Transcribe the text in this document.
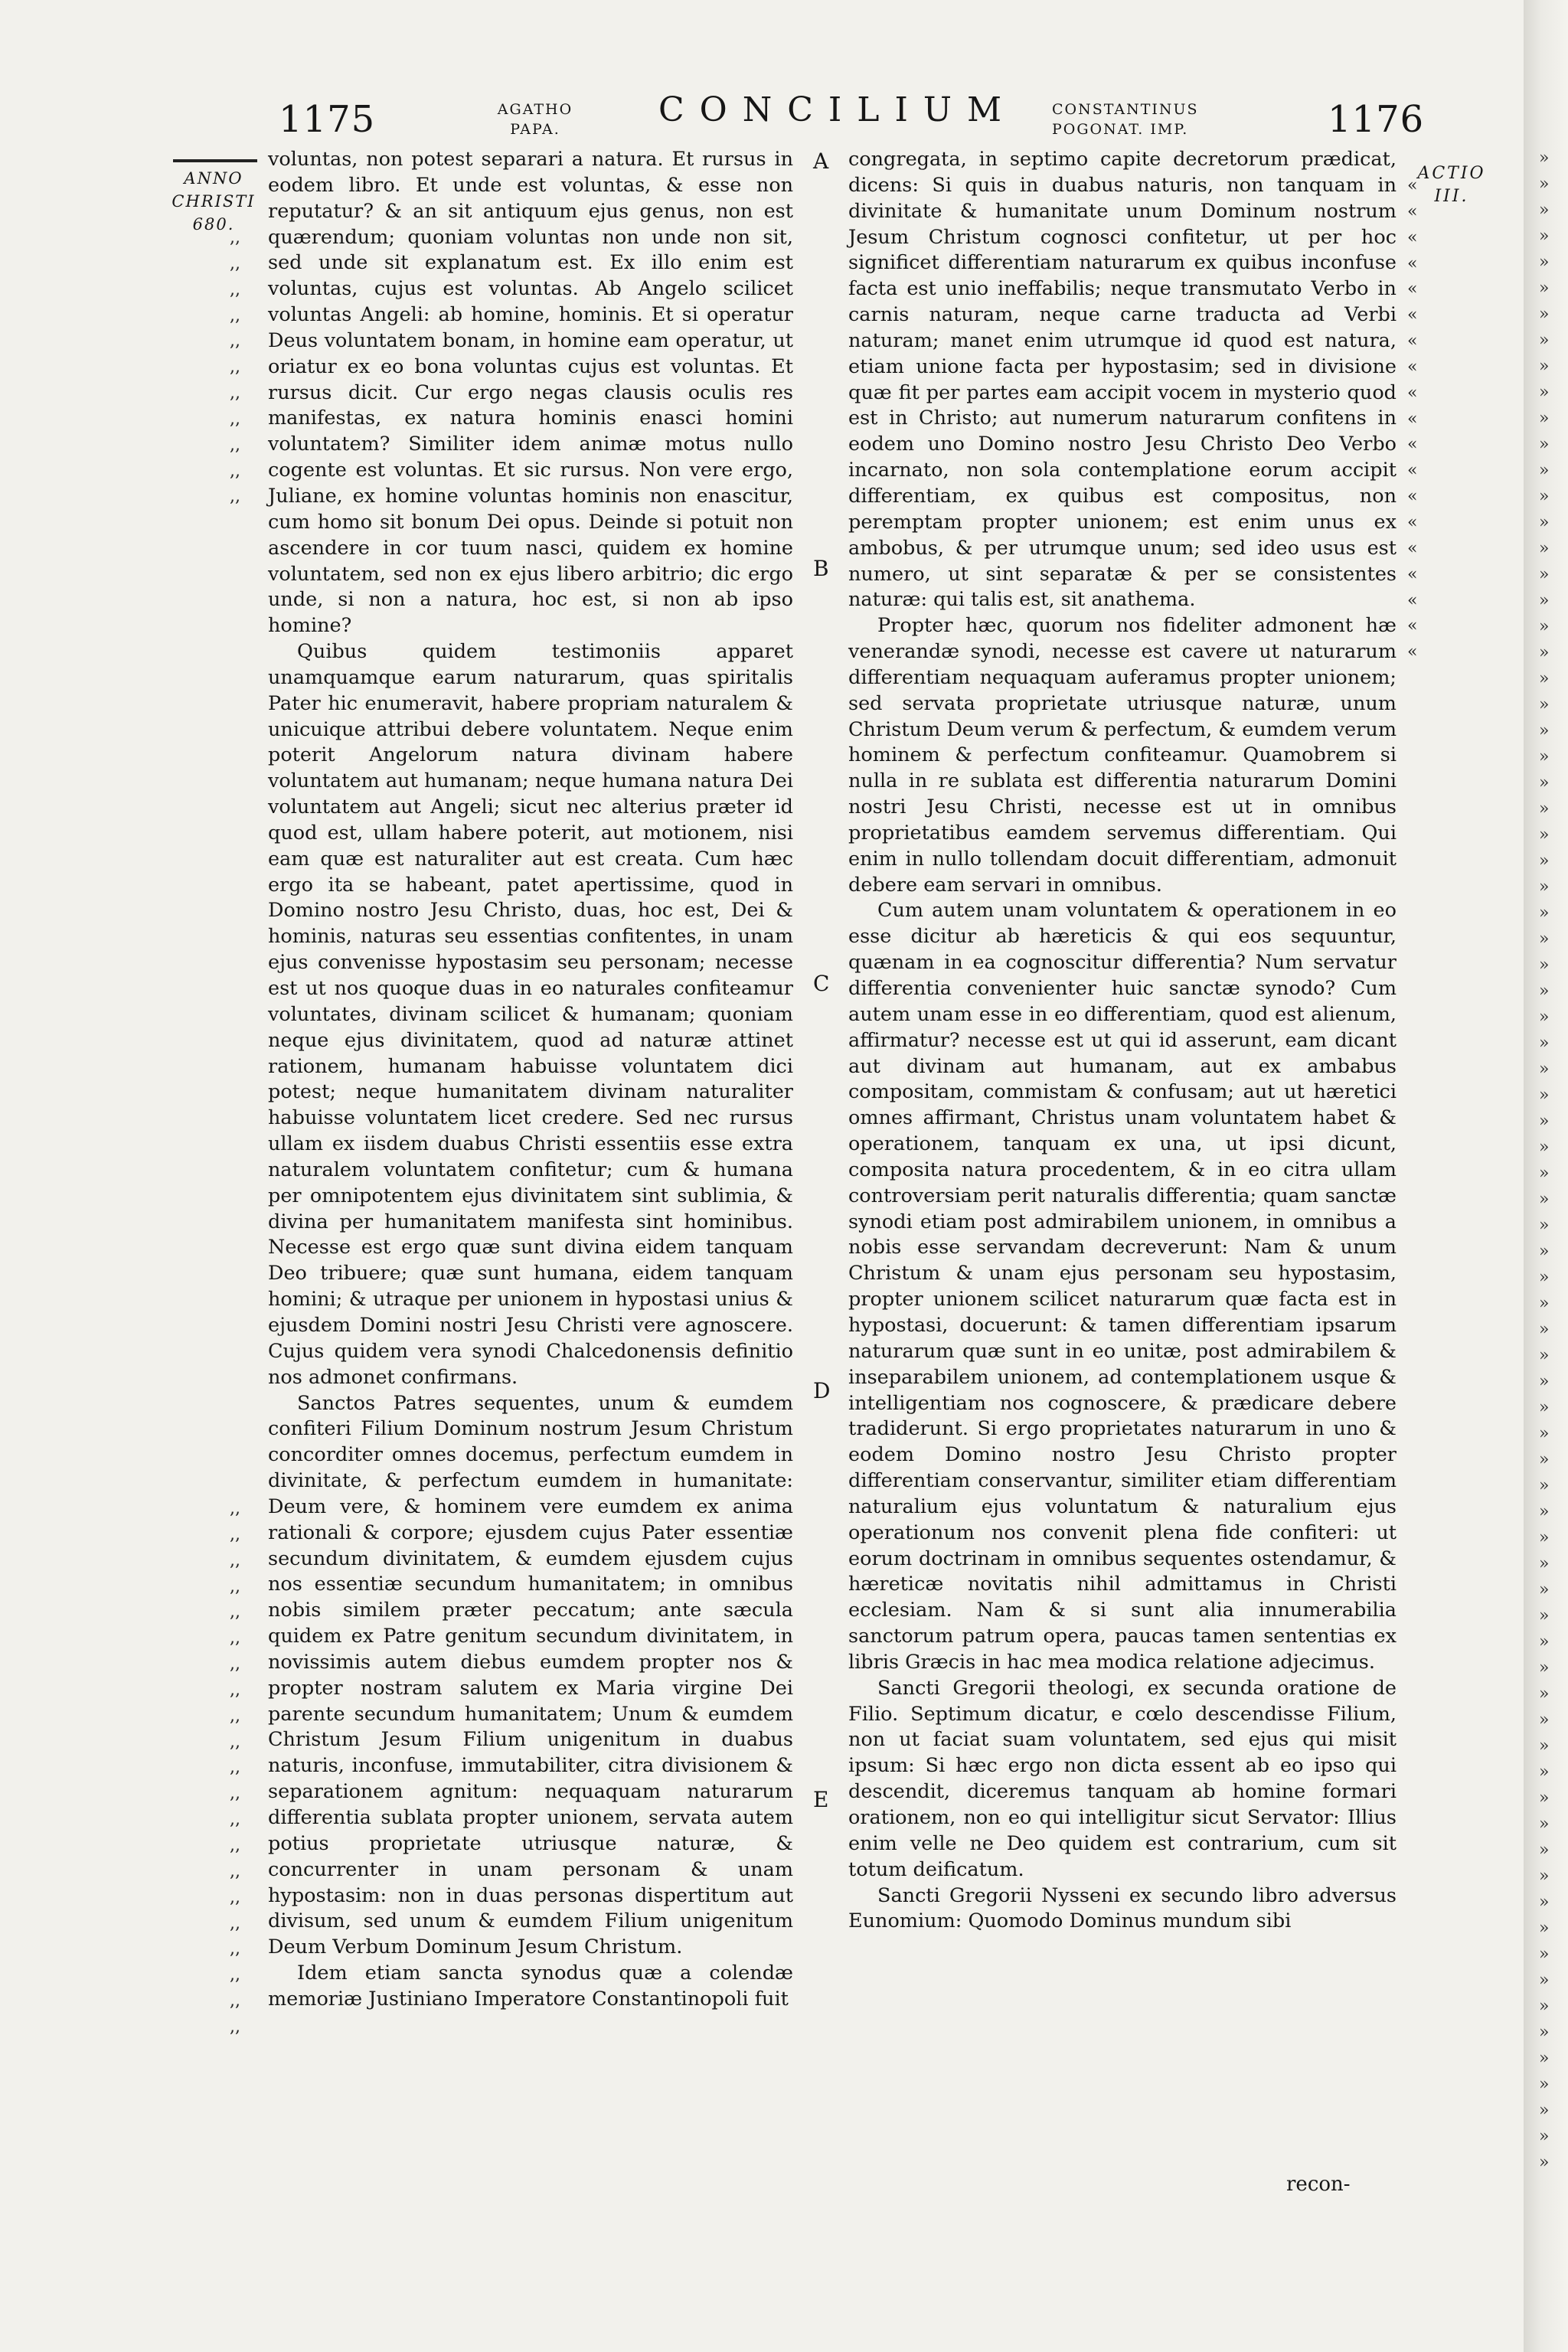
1175	AGATHO
PAPA.	CONCILIUM CONSTANTINUS
POGONAT. IMP.	1176
ANNO
CHRISTI
680.
ACTIO
III.
,,
,,
,,
,,
,,
,,
,,
,,
,,
,,
,,
,,
,,
,,
,,
,,
,,
,,
,,
,,
,,
,,
,,
,,
,,
,,
,,
,,
,,
,,
,,
,,
«
«
«
«
«
«
«
«
«
«
«
«
«
«
«
«
«
«
«
A
B
C
D
E

voluntas, non potest separari a natura. Et rursus in eodem libro. Et unde est voluntas, & esse non reputatur? & an sit antiquum ejus genus, non est quærendum; quoniam voluntas non unde non sit, sed unde sit explanatum est. Ex illo enim est voluntas, cujus est voluntas. Ab Angelo scilicet voluntas Angeli: ab homine, hominis. Et si operatur Deus voluntatem bonam, in homine eam operatur, ut oriatur ex eo bona voluntas cujus est voluntas. Et rursus dicit. Cur ergo negas clausis oculis res manifestas, ex natura hominis enasci homini voluntatem? Similiter idem animæ motus nullo cogente est voluntas. Et sic rursus. Non vere ergo, Juliane, ex homine voluntas hominis non enascitur, cum homo sit bonum Dei opus. Deinde si potuit non ascendere in cor tuum nasci, quidem ex homine voluntatem, sed non ex ejus libero arbitrio; dic ergo unde, si non a natura, hoc est, si non ab ipso homine?

Quibus quidem testimoniis apparet unamquamque earum naturarum, quas spiritalis Pater hic enumeravit, habere propriam naturalem & unicuique attribui debere voluntatem. Neque enim poterit Angelorum natura divinam habere voluntatem aut humanam; neque humana natura Dei voluntatem aut Angeli; sicut nec alterius præter id quod est, ullam habere poterit, aut motionem, nisi eam quæ est naturaliter aut est creata. Cum hæc ergo ita se habeant, patet apertissime, quod in Domino nostro Jesu Christo, duas, hoc est, Dei & hominis, naturas seu essentias confitentes, in unam ejus convenisse hypostasim seu personam; necesse est ut nos quoque duas in eo naturales confiteamur voluntates, divinam scilicet & humanam; quoniam neque ejus divinitatem, quod ad naturæ attinet rationem, humanam habuisse voluntatem dici potest; neque humanitatem divinam naturaliter habuisse voluntatem licet credere. Sed nec rursus ullam ex iisdem duabus Christi essentiis esse extra naturalem voluntatem confitetur; cum & humana per omnipotentem ejus divinitatem sint sublimia, & divina per humanitatem manifesta sint hominibus. Necesse est ergo quæ sunt divina eidem tanquam Deo tribuere; quæ sunt humana, eidem tanquam homini; & utraque per unionem in hypostasi unius & ejusdem Domini nostri Jesu Christi vere agnoscere. Cujus quidem vera synodi Chalcedonensis definitio nos admonet confirmans.

Sanctos Patres sequentes, unum & eumdem confiteri Filium Dominum nostrum Jesum Christum concorditer omnes docemus, perfectum eumdem in divinitate, & perfectum eumdem in humanitate: Deum vere, & hominem vere eumdem ex anima rationali & corpore; ejusdem cujus Pater essentiæ secundum divinitatem, & eumdem ejusdem cujus nos essentiæ secundum humanitatem; in omnibus nobis similem præter peccatum; ante sæcula quidem ex Patre genitum secundum divinitatem, in novissimis autem diebus eumdem propter nos & propter nostram salutem ex Maria virgine Dei parente secundum humanitatem; Unum & eumdem Christum Jesum Filium unigenitum in duabus naturis, inconfuse, immutabiliter, citra divisionem & separationem agnitum: nequaquam naturarum differentia sublata propter unionem, servata autem potius proprietate utriusque naturæ, & concurrenter in unam personam & unam hypostasim: non in duas personas dispertitum aut divisum, sed unum & eumdem Filium unigenitum Deum Verbum Dominum Jesum Christum.

Idem etiam sancta synodus quæ a colendæ memoriæ Justiniano Imperatore Constantinopoli fuit

congregata, in septimo capite decretorum prædicat, dicens: Si quis in duabus naturis, non tanquam in divinitate & humanitate unum Dominum nostrum Jesum Christum cognosci confitetur, ut per hoc significet differentiam naturarum ex quibus inconfuse facta est unio ineffabilis; neque transmutato Verbo in carnis naturam, neque carne traducta ad Verbi naturam; manet enim utrumque id quod est natura, etiam unione facta per hypostasim; sed in divisione quæ fit per partes eam accipit vocem in mysterio quod est in Christo; aut numerum naturarum confitens in eodem uno Domino nostro Jesu Christo Deo Verbo incarnato, non sola contemplatione eorum accipit differentiam, ex quibus est compositus, non peremptam propter unionem; est enim unus ex ambobus, & per utrumque unum; sed ideo usus est numero, ut sint separatæ & per se consistentes naturæ: qui talis est, sit anathema.

Propter hæc, quorum nos fideliter admonent hæ venerandæ synodi, necesse est cavere ut naturarum differentiam nequaquam auferamus propter unionem; sed servata proprietate utriusque naturæ, unum Christum Deum verum & perfectum, & eumdem verum hominem & perfectum confiteamur. Quamobrem si nulla in re sublata est differentia naturarum Domini nostri Jesu Christi, necesse est ut in omnibus proprietatibus eamdem servemus differentiam. Qui enim in nullo tollendam docuit differentiam, admonuit debere eam servari in omnibus.

Cum autem unam voluntatem & operationem in eo esse dicitur ab hæreticis & qui eos sequuntur, quænam in ea cognoscitur differentia? Num servatur differentia convenienter huic sanctæ synodo? Cum autem unam esse in eo differentiam, quod est alienum, affirmatur? necesse est ut qui id asserunt, eam dicant aut divinam aut humanam, aut ex ambabus compositam, commistam & confusam; aut ut hæretici omnes affirmant, Christus unam voluntatem habet & operationem, tanquam ex una, ut ipsi dicunt, composita natura procedentem, & in eo citra ullam controversiam perit naturalis differentia; quam sanctæ synodi etiam post admirabilem unionem, in omnibus a nobis esse servandam decreverunt: Nam & unum Christum & unam ejus personam seu hypostasim, propter unionem scilicet naturarum quæ facta est in hypostasi, docuerunt: & tamen differentiam ipsarum naturarum quæ sunt in eo unitæ, post admirabilem & inseparabilem unionem, ad contemplationem usque & intelligentiam nos cognoscere, & prædicare debere tradiderunt. Si ergo proprietates naturarum in uno & eodem Domino nostro Jesu Christo propter differentiam conservantur, similiter etiam differentiam naturalium ejus voluntatum & naturalium ejus operationum nos convenit plena fide confiteri: ut eorum doctrinam in omnibus sequentes ostendamur, & hæreticæ novitatis nihil admittamus in Christi ecclesiam. Nam & si sunt alia innumerabilia sanctorum patrum opera, paucas tamen sententias ex libris Græcis in hac mea modica relatione adjecimus.

Sancti Gregorii theologi, ex secunda oratione de Filio. Septimum dicatur, e cœlo descendisse Filium, non ut faciat suam voluntatem, sed ejus qui misit ipsum: Si hæc ergo non dicta essent ab eo ipso qui descendit, diceremus tanquam ab homine formari orationem, non eo qui intelligitur sicut Servator: Illius enim velle ne Deo quidem est contrarium, cum sit totum deificatum.

Sancti Gregorii Nysseni ex secundo libro adversus Eunomium: Quomodo Dominus mundum sibi

recon-
»
»
»
»
»
»
»
»
»
»
»
»
»
»
»
»
»
»
»
»
»
»
»
»
»
»
»
»
»
»
»
»
»
»
»
»
»
»
»
»
»
»
»
»
»
»
»
»
»
»
»
»
»
»
»
»
»
»
»
»
»
»
»
»
»
»
»
»
»
»
»
»
»
»
»
»
»
»
